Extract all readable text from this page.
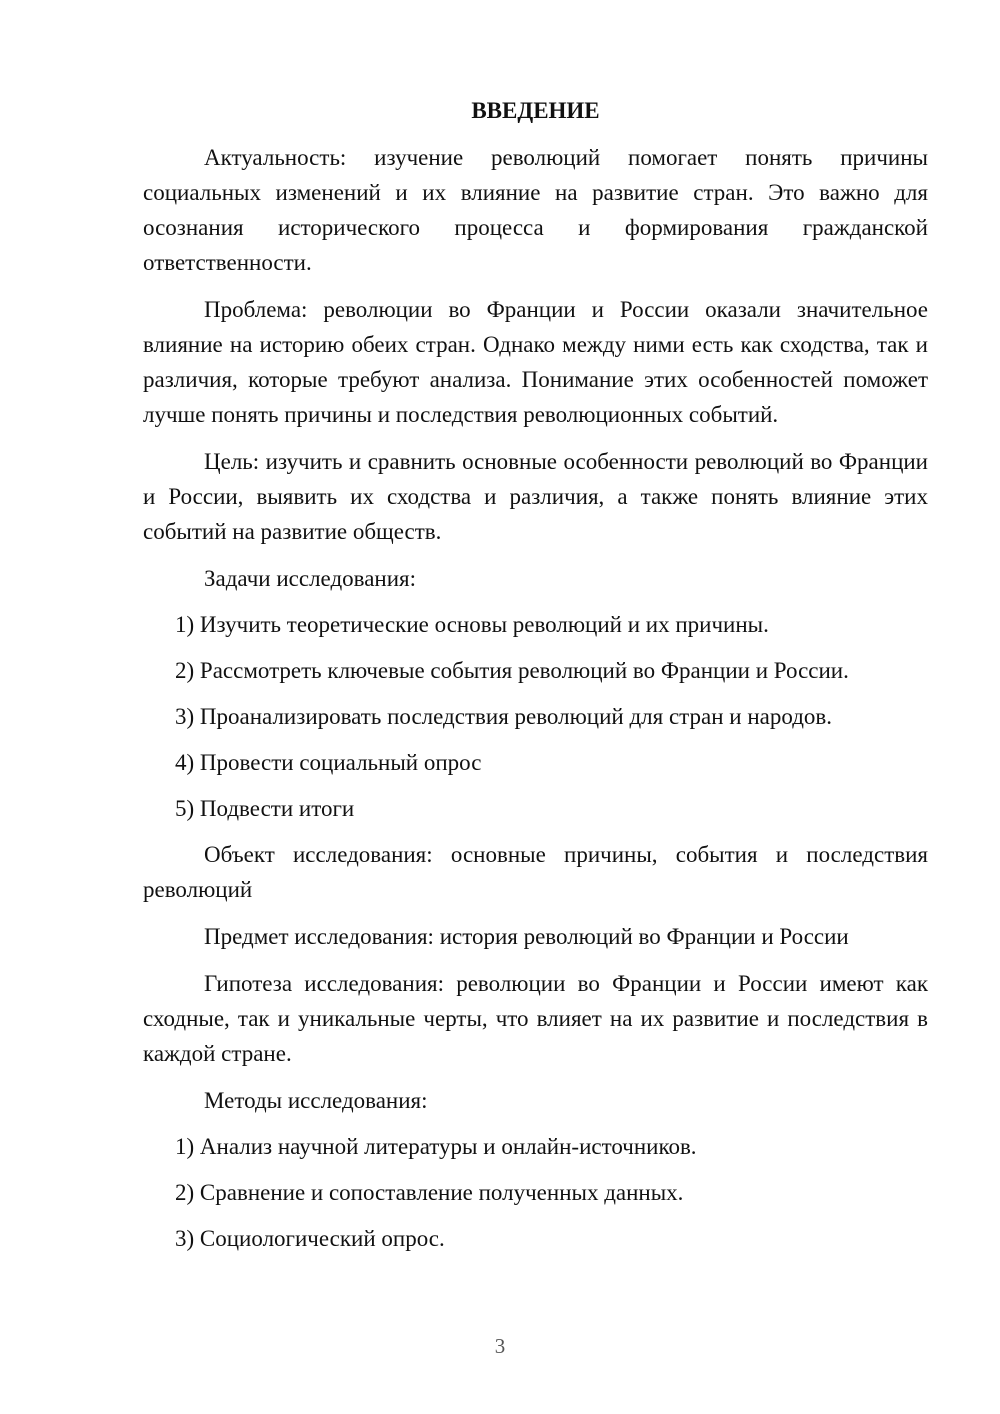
ВВЕДЕНИЕ

Актуальность: изучение революций помогает понять причины социальных изменений и их влияние на развитие стран. Это важно для осознания исторического процесса и формирования гражданской ответственности.

Проблема: революции во Франции и России оказали значительное влияние на историю обеих стран. Однако между ними есть как сходства, так и различия, которые требуют анализа. Понимание этих особенностей поможет лучше понять причины и последствия революционных событий.

Цель: изучить и сравнить основные особенности революций во Франции и России, выявить их сходства и различия, а также понять влияние этих событий на развитие обществ.

Задачи исследования:

1) Изучить теоретические основы революций и их причины.
2) Рассмотреть ключевые события революций во Франции и России.
3) Проанализировать последствия революций для стран и народов.
4) Провести социальный опрос
5) Подвести итоги

Объект исследования: основные причины, события и последствия революций

Предмет исследования: история революций во Франции и России

Гипотеза исследования: революции во Франции и России имеют как сходные, так и уникальные черты, что влияет на их развитие и последствия в каждой стране.

Методы исследования:

1) Анализ научной литературы и онлайн-источников.
2) Сравнение и сопоставление полученных данных.
3) Социологический опрос.
3
